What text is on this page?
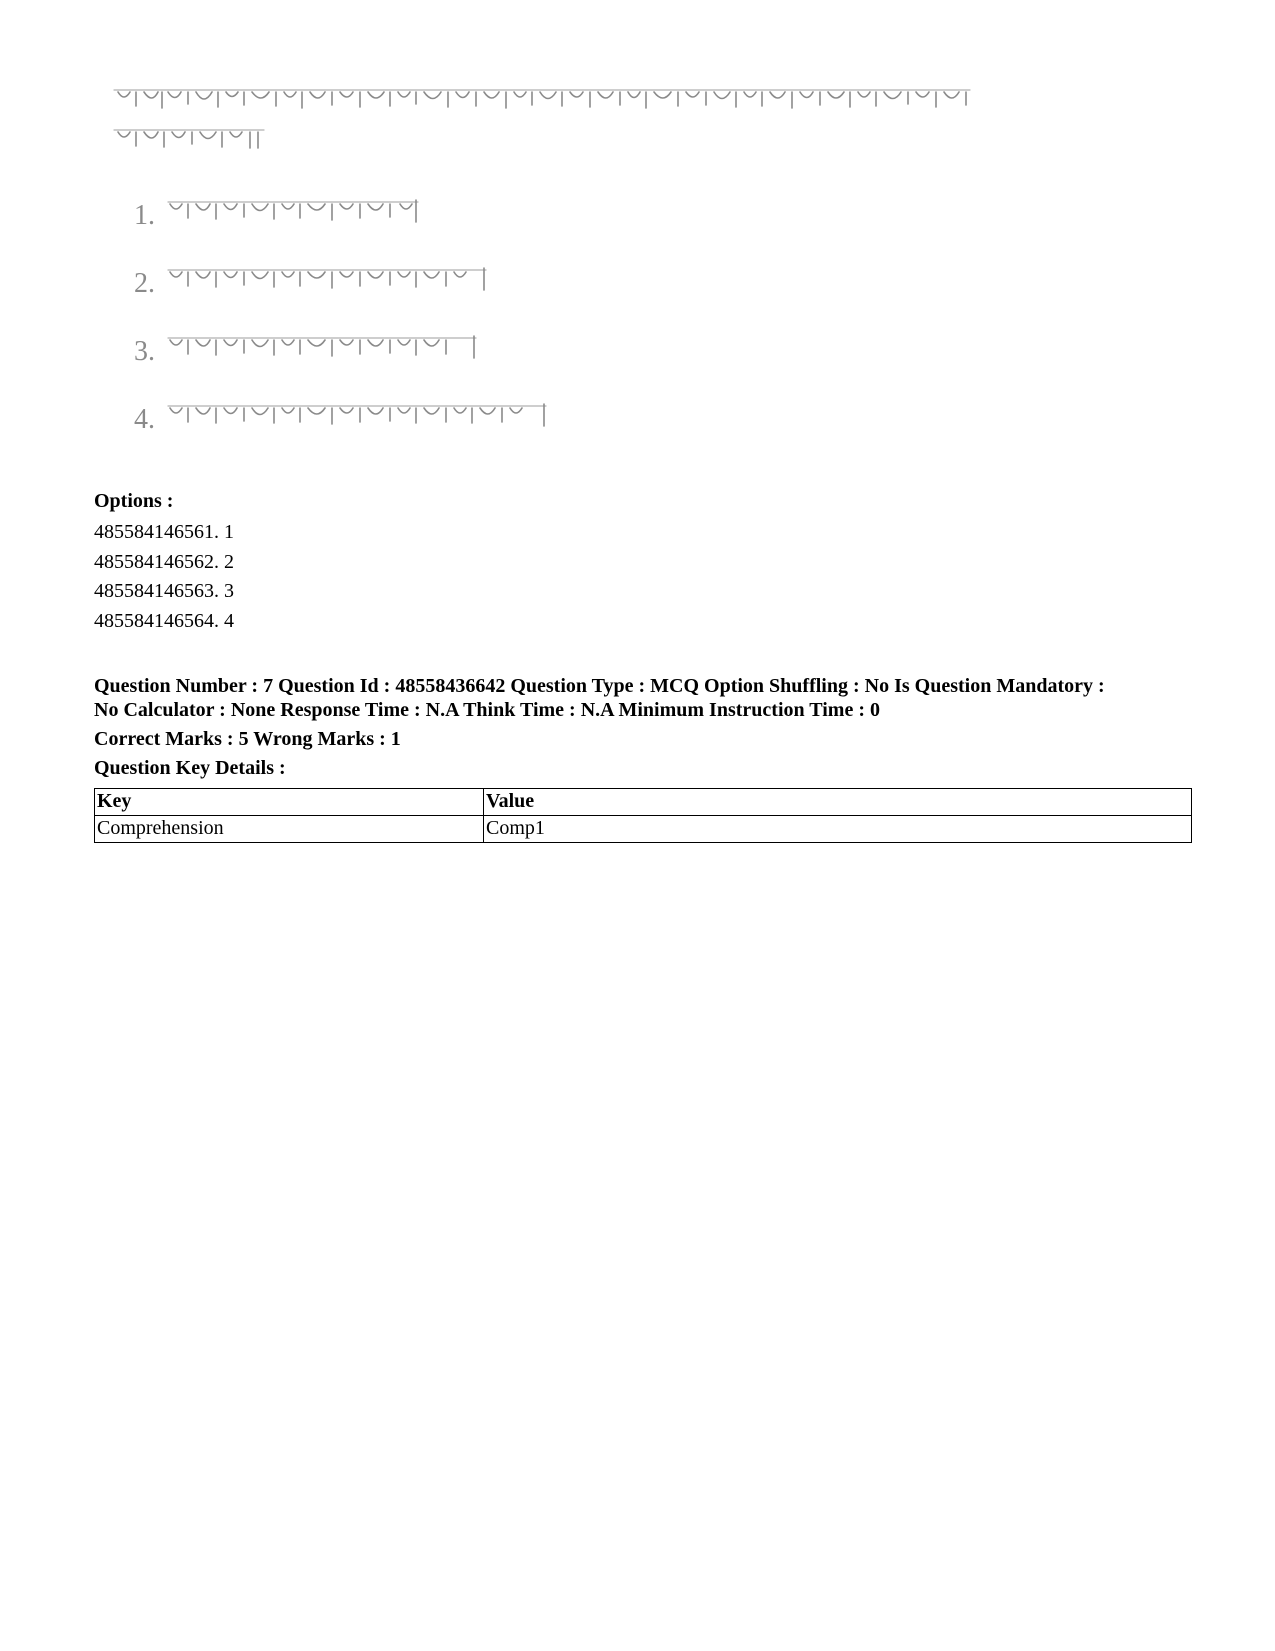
1.
2.
3.
4.
Options :
485584146561. 1
485584146562. 2
485584146563. 3
485584146564. 4
Question Number : 7 Question Id : 48558436642 Question Type : MCQ Option Shuffling : No Is Question Mandatory :
No Calculator : None Response Time : N.A Think Time : N.A Minimum Instruction Time : 0
Correct Marks : 5 Wrong Marks : 1
Question Key Details :
Key	Value
Comprehension	Comp1
